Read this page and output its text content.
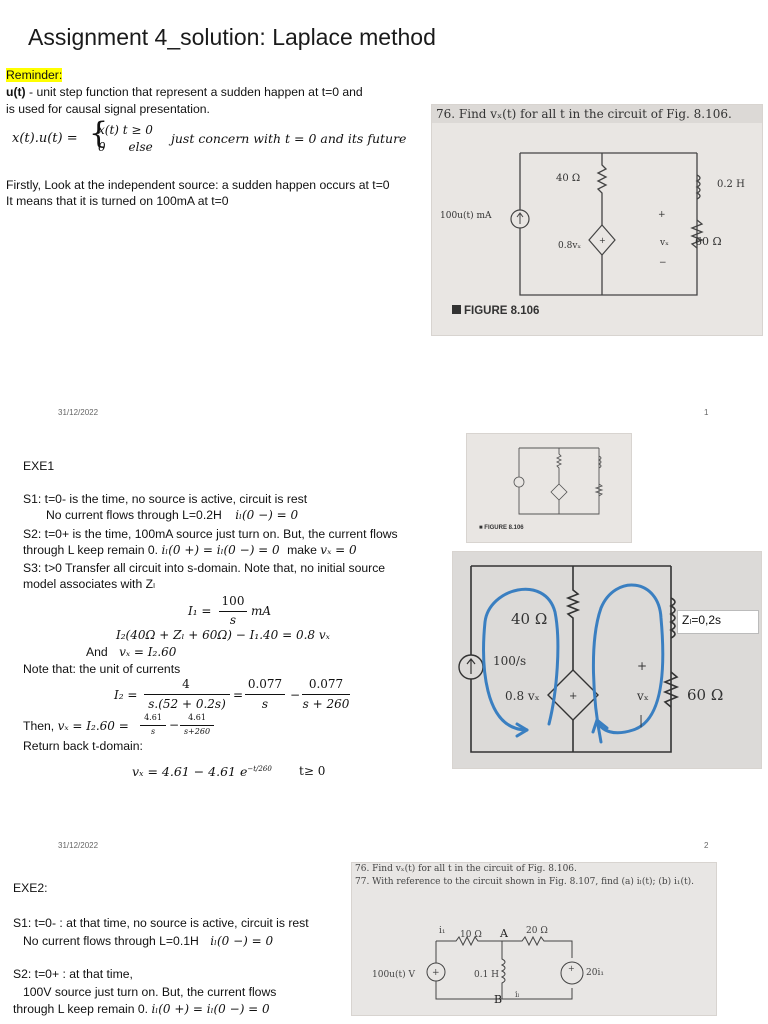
Assignment 4_solution: Laplace method
Reminder:
u(t) - unit step function that represent a sudden happen at t=0 and
is used for causal signal presentation.
x(t).u(t) = {
x(t) t ≥ 0
0      else
just concern with t = 0 and its future
Firstly, Look at the independent source: a sudden happen occurs at t=0
It means that it is turned on 100mA at t=0
76. Find vₓ(t) for all t in the circuit of Fig. 8.106.
+
40 Ω
0.2 H
100u(t) mA
0.8vₓ
+
vₓ
−
60 Ω
FIGURE 8.106
31/12/2022	1
EXE1
S1: t=0- is the time, no source is active, circuit is rest
No current flows through L=0.2H iₗ(0 −) = 0
S2: t=0+ is the time, 100mA source just turn on. But, the current flows
through L keep remain 0. iₗ(0 +) = iₗ(0 −) = 0 make vₓ = 0
S3: t>0 Transfer all circuit into s-domain. Note that, no initial source
model associates with Zₗ
I₁ =
100
s
mA
I₂(40Ω + Zₗ + 60Ω) − I₁.40 = 0.8 vₓ
And vₓ = I₂.60
Note that: the unit of currents
I₂ =
4
s.(52 + 0.2s)
=
0.077
s
−
0.077
s + 260
Then, vₓ = I₂.60 =
4.61
s	−
4.61
s+260
Return back t-domain:
vₓ = 4.61 − 4.61 $e^{-t/260}$ t≥ 0
■ FIGURE 8.106
+
40 Ω
100/s
0.8 vₓ
+
vₓ
|
60 Ω
Zₗ=0,2s
31/12/2022	2
EXE2:
S1: t=0- : at that time, no source is active, circuit is rest
No current flows through L=0.1H iₗ(0 −) = 0
S2: t=0+ : at that time,
100V source just turn on. But, the current flows
through L keep remain 0. iₗ(0 +) = iₗ(0 −) = 0
76. Find vₓ(t) for all t in the circuit of Fig. 8.106.
77. With reference to the circuit shown in Fig. 8.107, find (a) iₗ(t); (b) i₁(t).
+	+
i₁ 10 Ω A 20 Ω
100u(t) V	0.1 H	20i₁
B iₗ
